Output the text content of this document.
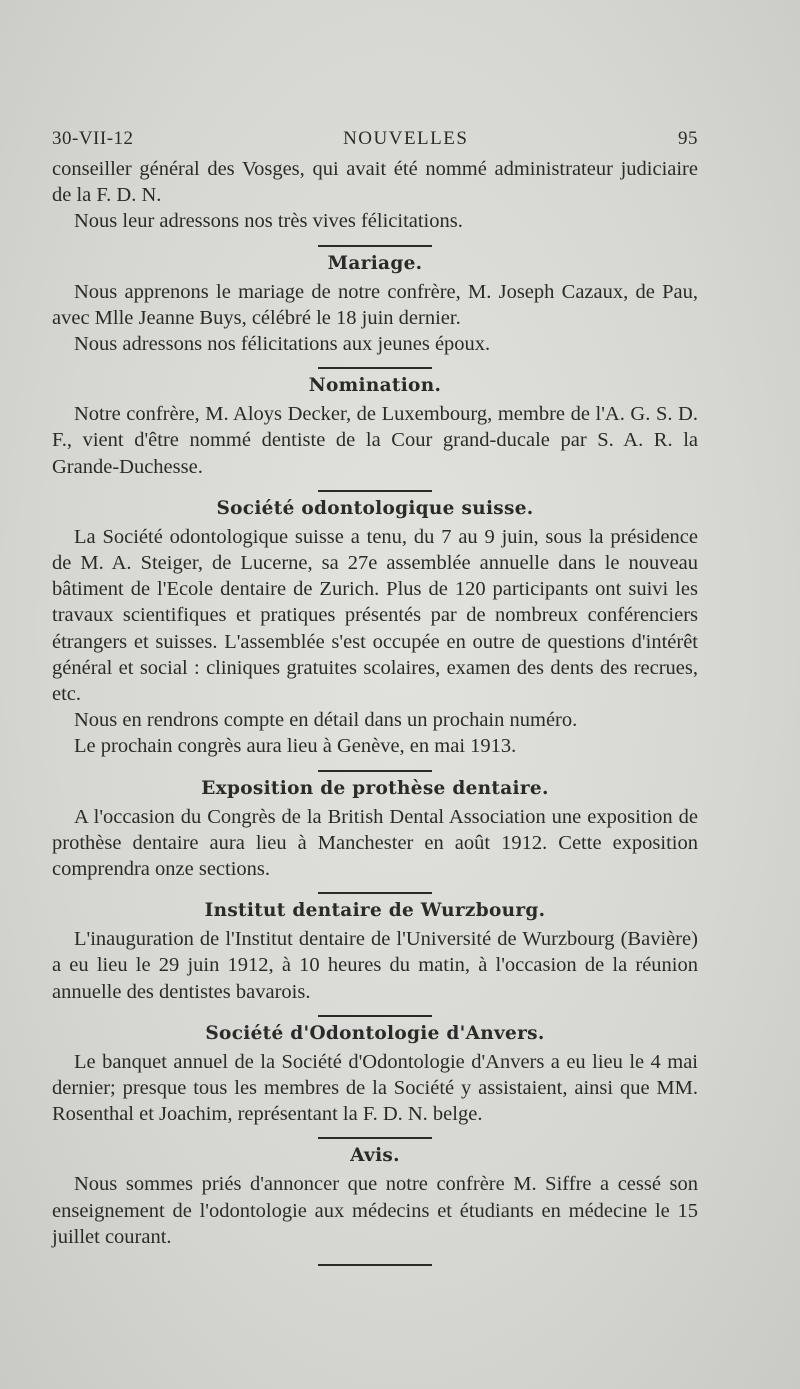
30-VII-12	NOUVELLES	95

conseiller général des Vosges, qui avait été nommé administrateur judiciaire de la F. D. N.

Nous leur adressons nos très vives félicitations.

Mariage.

Nous apprenons le mariage de notre confrère, M. Joseph Cazaux, de Pau, avec Mlle Jeanne Buys, célébré le 18 juin dernier.

Nous adressons nos félicitations aux jeunes époux.

Nomination.

Notre confrère, M. Aloys Decker, de Luxembourg, membre de l'A. G. S. D. F., vient d'être nommé dentiste de la Cour grand-ducale par S. A. R. la Grande-Duchesse.

Société odontologique suisse.

La Société odontologique suisse a tenu, du 7 au 9 juin, sous la présidence de M. A. Steiger, de Lucerne, sa 27e assemblée annuelle dans le nouveau bâtiment de l'Ecole dentaire de Zurich. Plus de 120 participants ont suivi les travaux scientifiques et pratiques présentés par de nombreux conférenciers étrangers et suisses. L'assemblée s'est occupée en outre de questions d'intérêt général et social : cliniques gratuites scolaires, examen des dents des recrues, etc.

Nous en rendrons compte en détail dans un prochain numéro.

Le prochain congrès aura lieu à Genève, en mai 1913.

Exposition de prothèse dentaire.

A l'occasion du Congrès de la British Dental Association une exposition de prothèse dentaire aura lieu à Manchester en août 1912. Cette exposition comprendra onze sections.

Institut dentaire de Wurzbourg.

L'inauguration de l'Institut dentaire de l'Université de Wurzbourg (Bavière) a eu lieu le 29 juin 1912, à 10 heures du matin, à l'occasion de la réunion annuelle des dentistes bavarois.

Société d'Odontologie d'Anvers.

Le banquet annuel de la Société d'Odontologie d'Anvers a eu lieu le 4 mai dernier; presque tous les membres de la Société y assistaient, ainsi que MM. Rosenthal et Joachim, représentant la F. D. N. belge.

Avis.

Nous sommes priés d'annoncer que notre confrère M. Siffre a cessé son enseignement de l'odontologie aux médecins et étudiants en médecine le 15 juillet courant.
